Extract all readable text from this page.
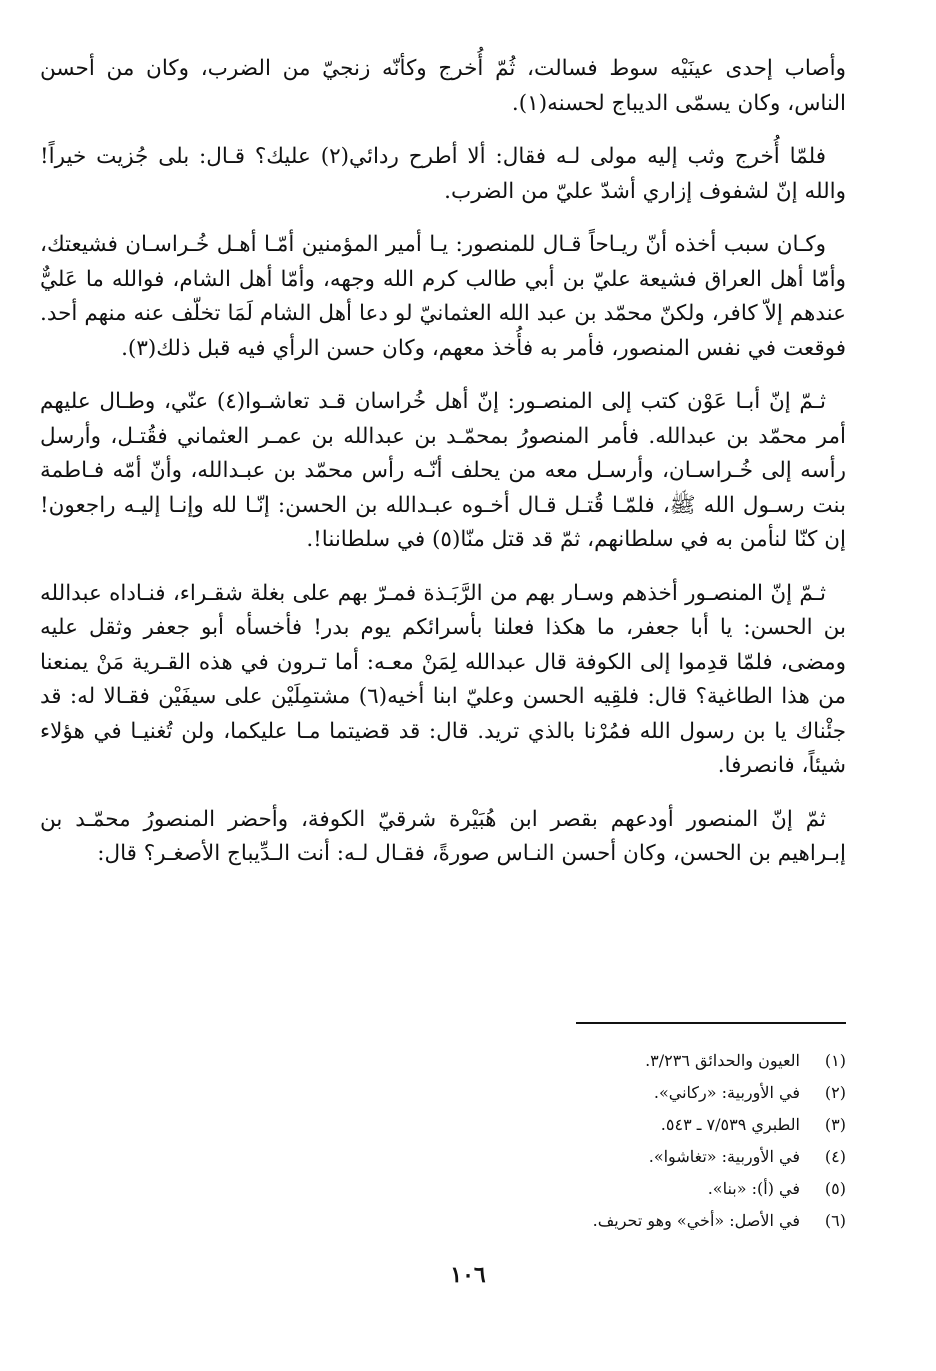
وأصاب إحدى عينَيْه سوط فسالت، ثُمّ أُخرج وكأنّه زنجيّ من الضرب، وكان من أحسن الناس، وكان يسمّى الديباج لحسنه(١).

فلمّا أُخرج وثب إليه مولى لـه فقال: ألا أطرح ردائي(٢) عليك؟ قـال: بلى جُزيت خيراً! والله إنّ لشفوف إزاري أشدّ عليّ من الضرب.

وكـان سبب أخذه أنّ ريـاحاً قـال للمنصور: يـا أمير المؤمنين أمّـا أهـل خُـراسـان فشيعتك، وأمّا أهل العراق فشيعة عليّ بن أبي طالب كرم الله وجهه، وأمّا أهل الشام، فوالله ما عَليٌّ عندهم إلاّ كافر، ولكنّ محمّد بن عبد الله العثمانيّ لو دعا أهل الشام لَمَا تخلّف عنه منهم أحد. فوقعت في نفس المنصور، فأمر به فأُخذ معهم، وكان حسن الرأي فيه قبل ذلك(٣).

ثـمّ إنّ أبـا عَوْن كتب إلى المنصـور: إنّ أهل خُراسان قـد تعاشـوا(٤) عنّي، وطـال عليهم أمر محمّد بن عبدالله. فأمر المنصورُ بمحمّـد بن عبدالله بن عمـر العثماني فقُتـل، وأرسل رأسه إلى خُـراسـان، وأرسـل معه من يحلف أنّـه رأس محمّد بن عبـدالله، وأنّ أمّه فـاطمة بنت رسـول الله ﷺ، فلمّـا قُتـل قـال أخـوه عبـدالله بن الحسن: إنّـا لله وإنـا إليـه راجعون! إن كنّا لنأمن به في سلطانهم، ثمّ قد قتل منّا(٥) في سلطاننا!.

ثـمّ إنّ المنصـور أخذهم وسـار بهم من الرَّبَـذة فمـرّ بهم على بغلة شقـراء، فنـاداه عبدالله بن الحسن: يا أبا جعفر، ما هكذا فعلنا بأسرائكم يوم بدر! فأخسأه أبو جعفر وثقل عليه ومضى، فلمّا قدِموا إلى الكوفة قال عبدالله لِمَنْ معـه: أما تـرون في هذه القـرية مَنْ يمنعنا من هذا الطاغية؟ قال: فلقِيه الحسن وعليّ ابنا أخيه(٦) مشتمِلَيْن على سيفَيْن فقـالا له: قد جئْناك يا بن رسول الله فمُرْنا بالذي تريد. قال: قد قضيتما مـا عليكما، ولن تُغنيـا في هؤلاء شيئاً، فانصرفا.

ثمّ إنّ المنصور أودعهم بقصر ابن هُبَيْرة شرقيّ الكوفة، وأحضر المنصورُ محمّـد بن إبـراهيم بن الحسن، وكان أحسن النـاس صورةً، فقـال لـه: أنت الـدِّيباج الأصغـر؟ قال:

(١)
العيون والحدائق ٣/٢٣٦.
(٢)
في الأوربية: «ركاني».
(٣)
الطبري ٧/٥٣٩ ـ ٥٤٣.
(٤)
في الأوربية: «تغاشوا».
(٥)
في (أ): «بنا».
(٦)
في الأصل: «أخي» وهو تحريف.
١٠٦
